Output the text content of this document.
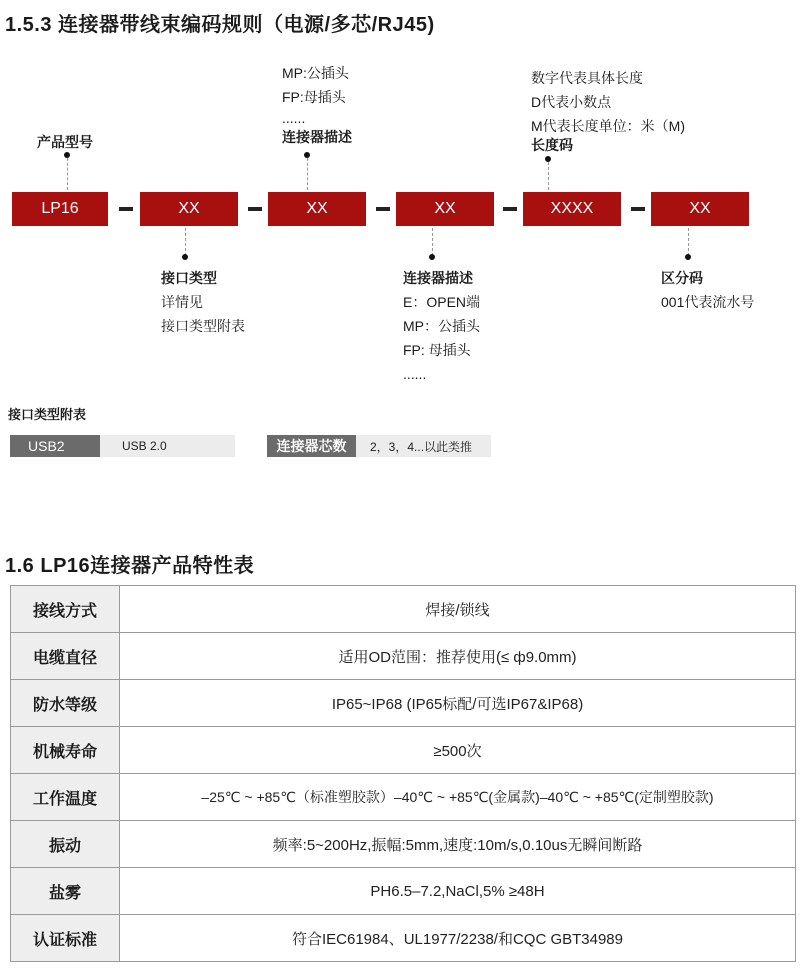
1.5.3 连接器带线束编码规则（电源/多芯/RJ45)
产品型号
MP:公插头
FP:母插头
......
连接器描述
数字代表具体长度
D代表小数点
M代表长度单位：米（M)
长度码
LP16	XX	XX	XX	XXXX	XX
接口类型
详情见
接口类型附表
连接器描述
E：OPEN端
MP：公插头
FP: 母插头
......
区分码
001代表流水号
接口类型附表
USB2	USB 2.0	连接器芯数	2，3，4...以此类推
1.6 LP16连接器产品特性表
接线方式	焊接/锁线
电缆直径	适用OD范围：推荐使用(≤ ф9.0mm)
防水等级	IP65~IP68 (IP65标配/可选IP67&IP68)
机械寿命	≥500次
工作温度	–25℃ ~ +85℃（标准塑胶款）–40℃ ~ +85℃(金属款)–40℃ ~ +85℃(定制塑胶款)
振动	频率:5~200Hz,振幅:5mm,速度:10m/s,0.10us无瞬间断路
盐雾	PH6.5–7.2,NaCl,5% ≥48H
认证标准	符合IEC61984、UL1977/2238/和CQC GBT34989
